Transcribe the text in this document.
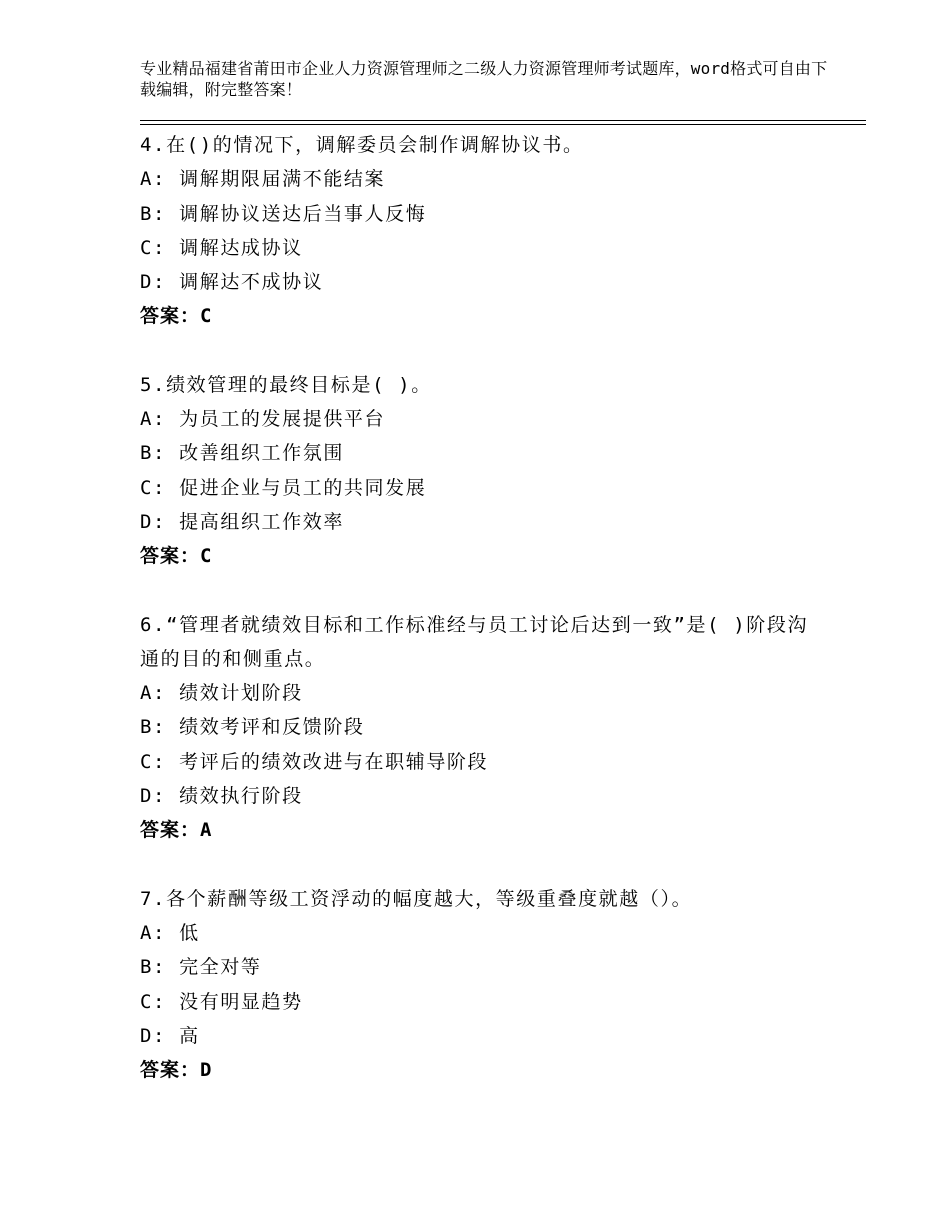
专业精品福建省莆田市企业人力资源管理师之二级人力资源管理师考试题库，word格式可自由下载编辑，附完整答案！
4.在()的情况下，调解委员会制作调解协议书。
A: 调解期限届满不能结案
B: 调解协议送达后当事人反悔
C: 调解达成协议
D: 调解达不成协议
答案：C
5.绩效管理的最终目标是( )。
A: 为员工的发展提供平台
B: 改善组织工作氛围
C: 促进企业与员工的共同发展
D: 提高组织工作效率
答案：C
6.“管理者就绩效目标和工作标准经与员工讨论后达到一致”是( )阶段沟通的目的和侧重点。
A: 绩效计划阶段
B: 绩效考评和反馈阶段
C: 考评后的绩效改进与在职辅导阶段
D: 绩效执行阶段
答案：A
7.各个薪酬等级工资浮动的幅度越大，等级重叠度就越（）。
A: 低
B: 完全对等
C: 没有明显趋势
D: 高
答案：D
